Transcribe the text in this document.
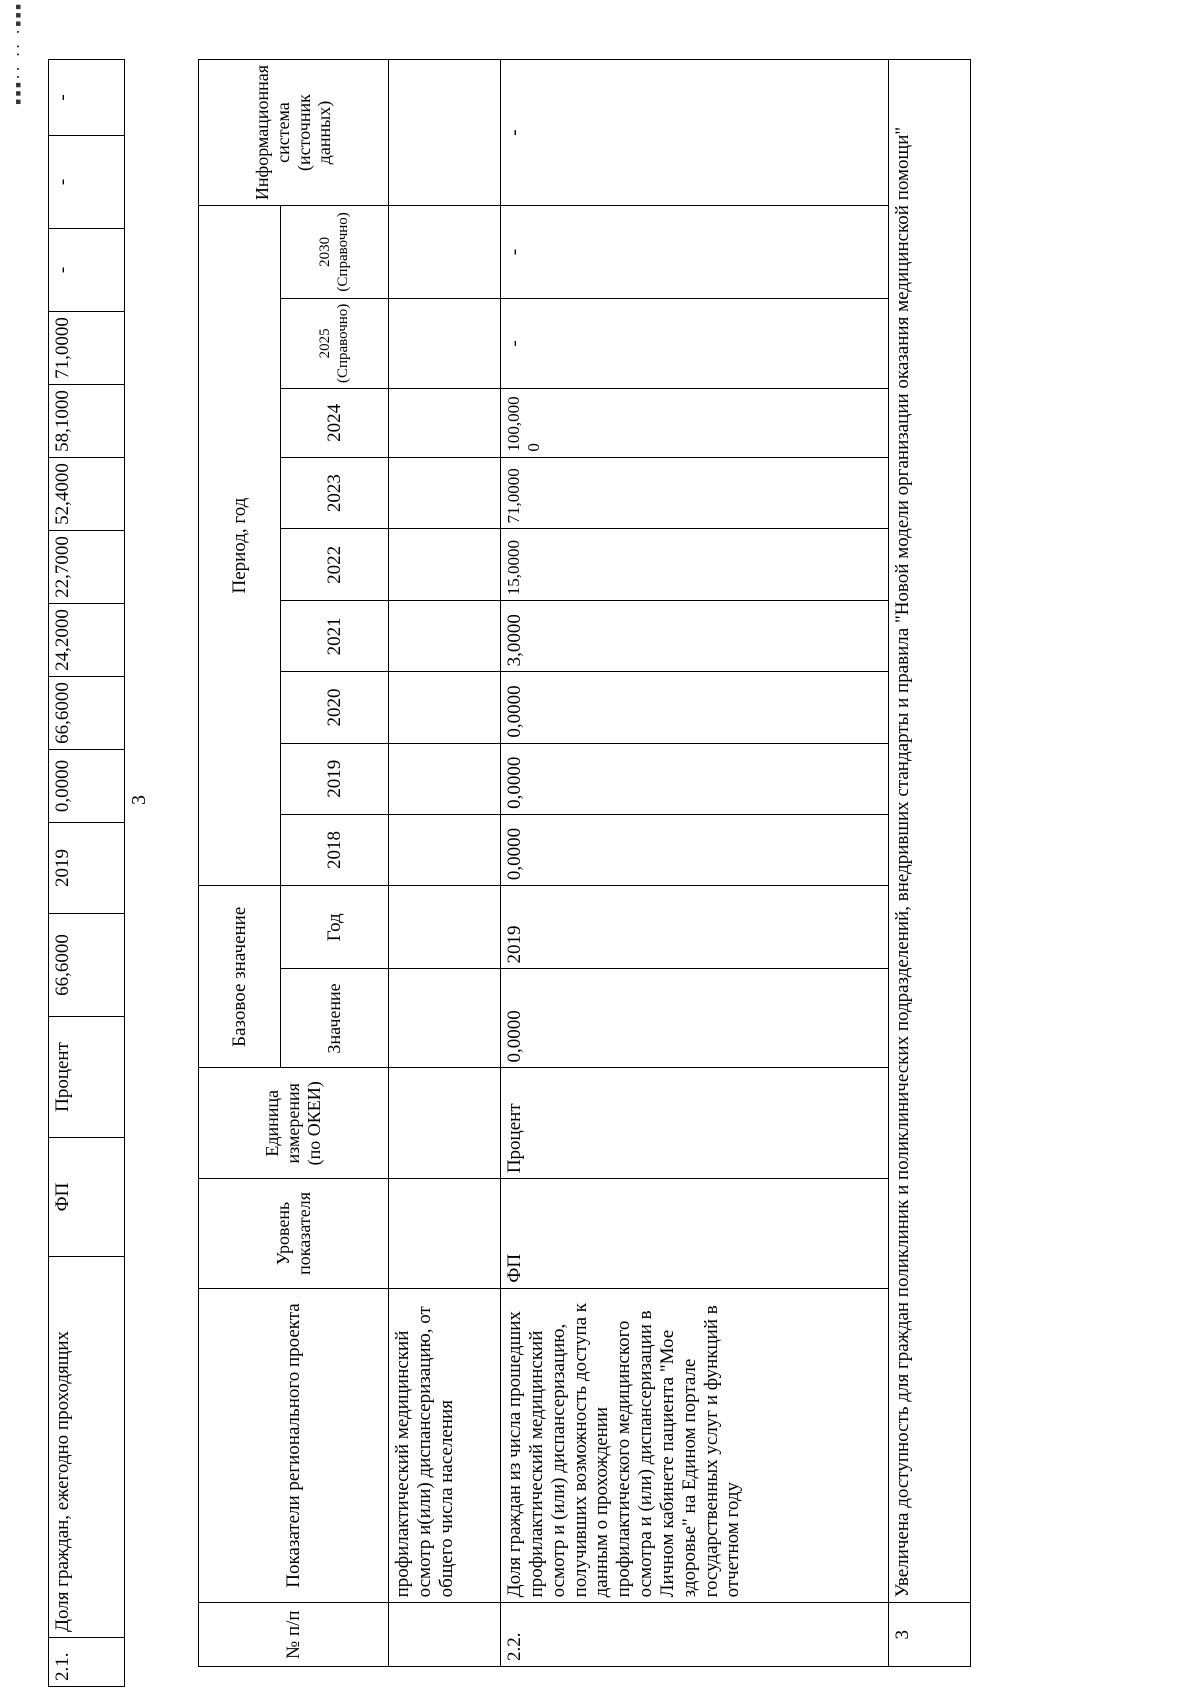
▪▪▪·· ·· ·▪▪▪
2.1.	Доля граждан, ежегодно проходящих	ФП	Процент	66,6000	2019	0,0000	66,6000	24,2000	22,7000	52,4000	58,1000	71,0000	-	-	-
3
№ п/п	Показатели регионального проекта	Уровень показателя	Единица измерения (по ОКЕИ)	Базовое значение		Период, год									Информационная система (источник данных)
				Значение	Год	2018	2019	2020	2021	2022	2023	2024	2025 (Справочно)	2030 (Справочно)	
	профилактический медицинский осмотр и(или) диспансеризацию, от общего числа населения														
2.2.	Доля граждан из числа прошедших профилактический медицинский осмотр и (или) диспансеризацию, получивших возможность доступа к данным о прохождении профилактического медицинского осмотра и (или) диспансеризации в Личном кабинете пациента "Мое здоровье" на Едином портале государственных услуг и функций в отчетном году	ФП	Процент	0,0000	2019	0,0000	0,0000	0,0000	3,0000	15,0000	71,0000	100,0000	-	-	-
3	Увеличена доступность для граждан поликлиник и поликлинических подразделений, внедривших стандарты и правила "Новой модели организации оказания медицинской помощи"														
